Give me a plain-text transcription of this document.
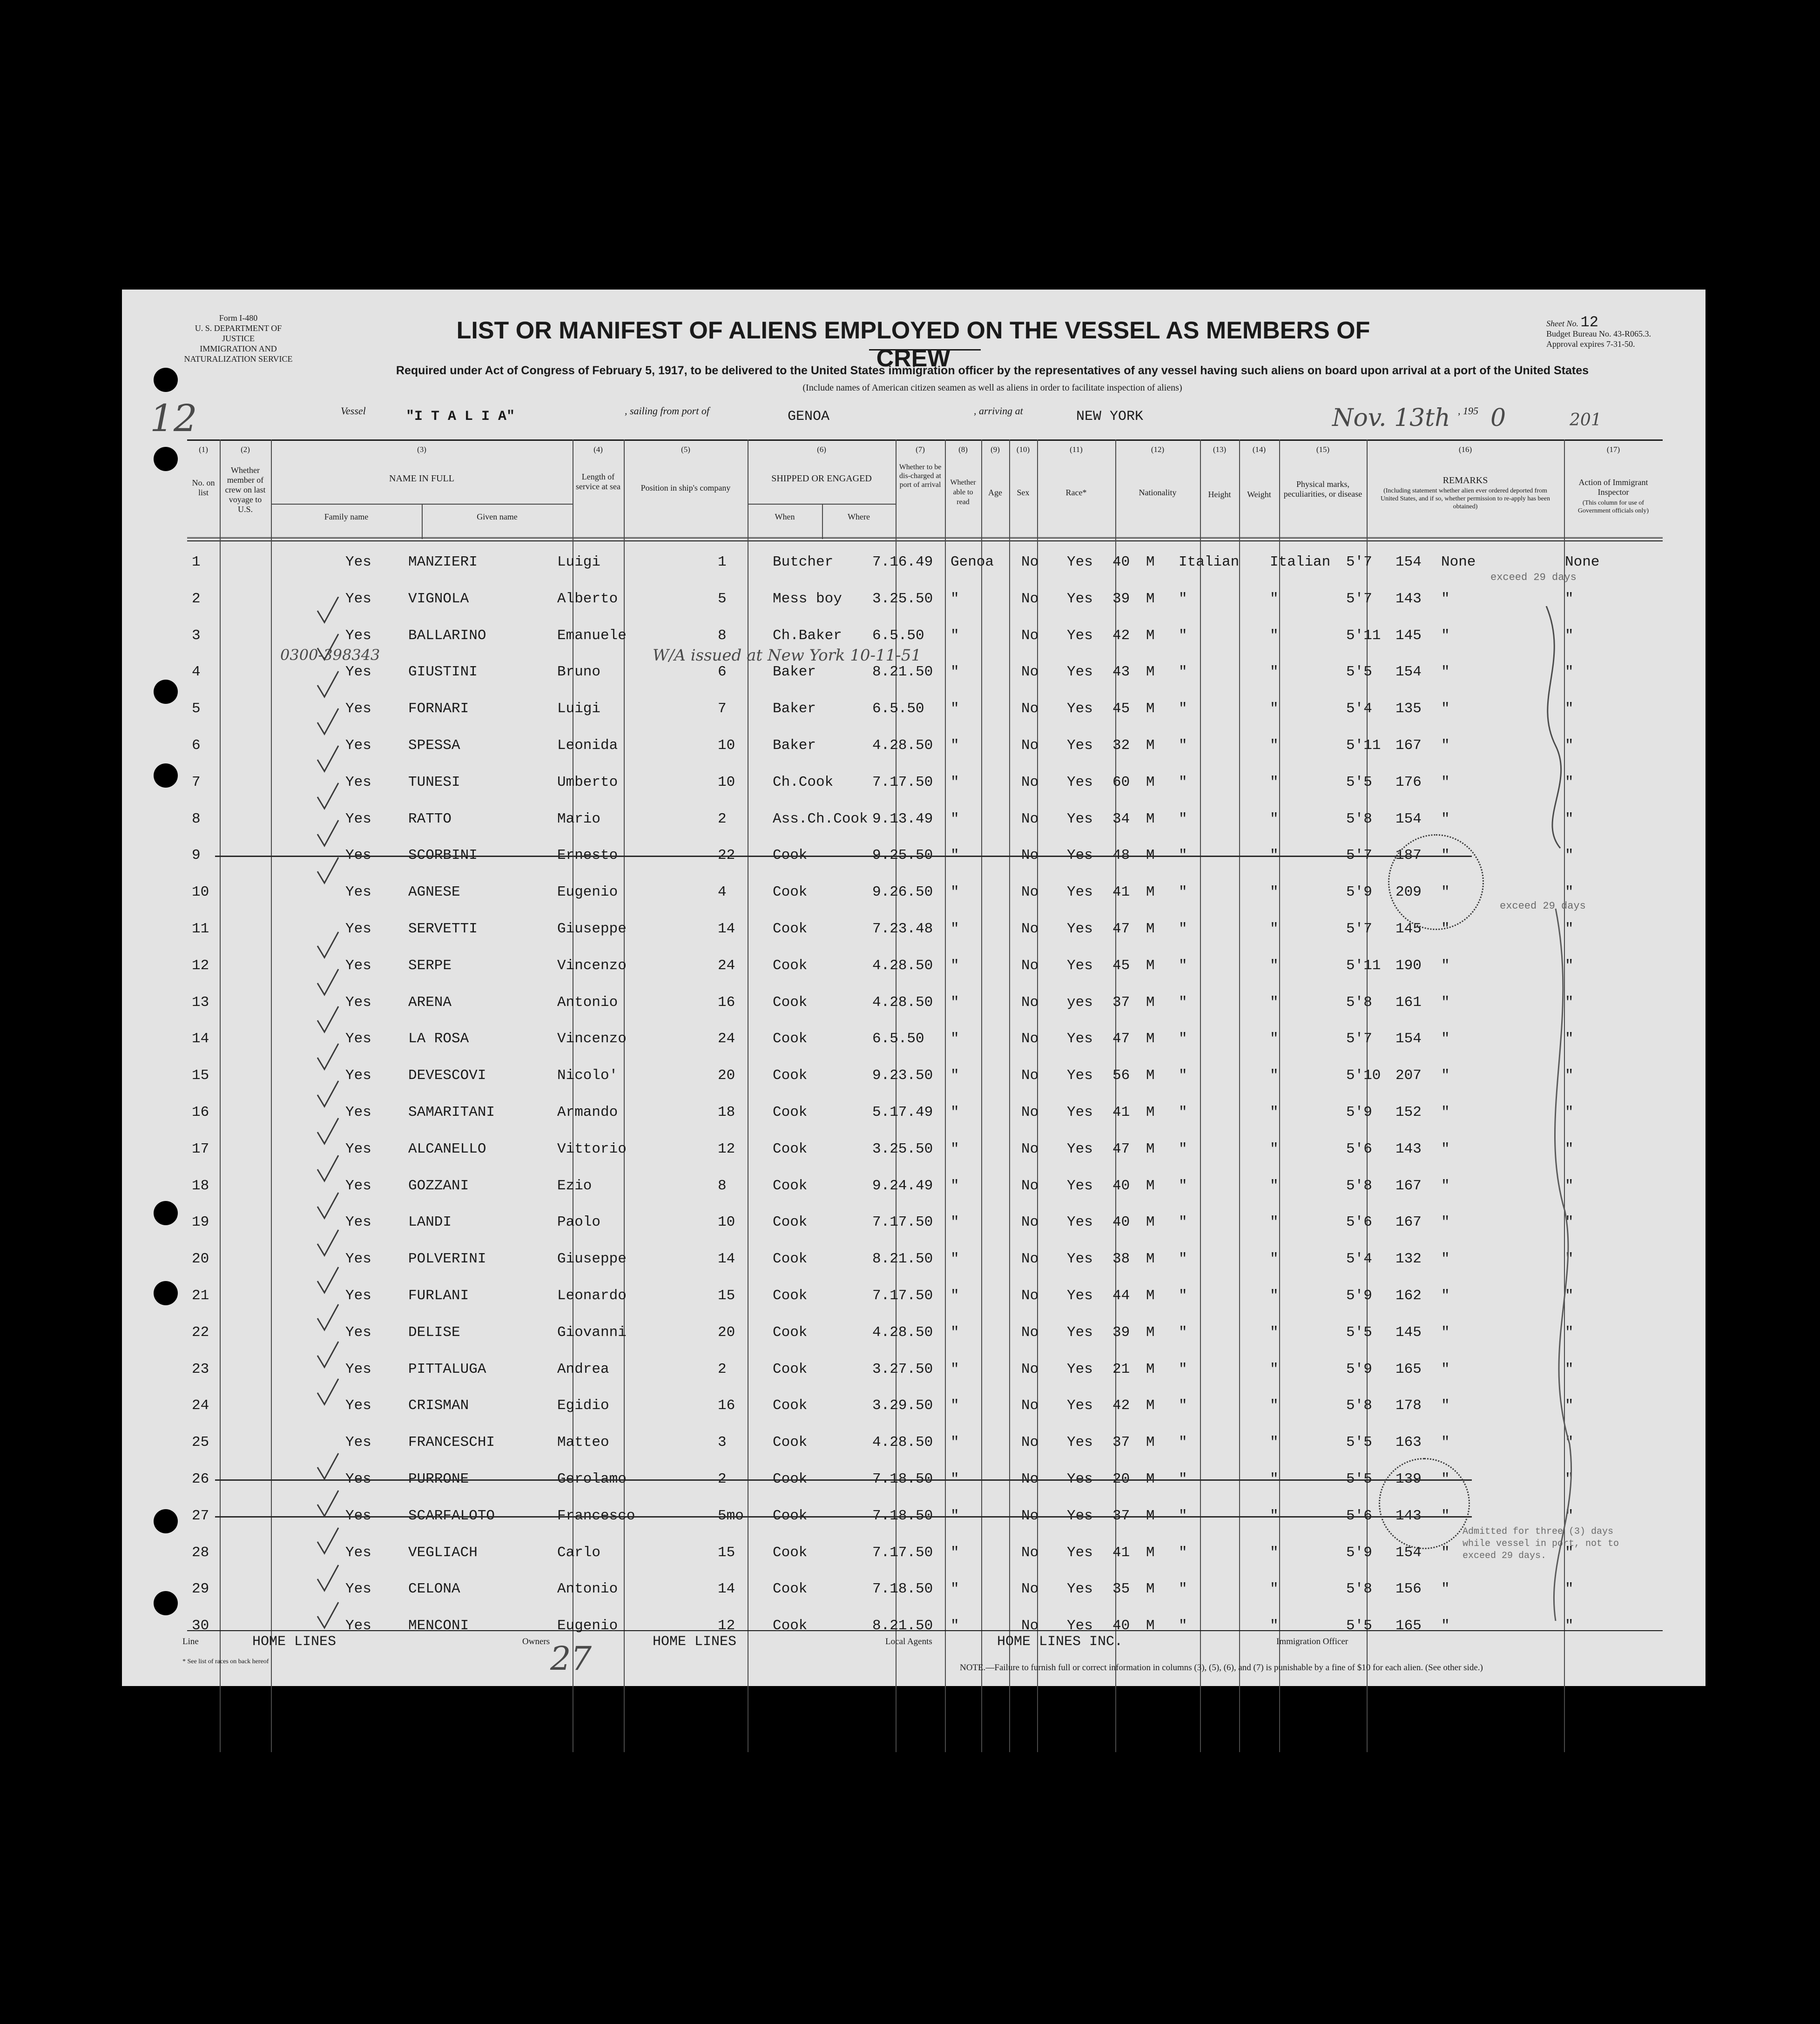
Form I-480
U. S. DEPARTMENT OF JUSTICE
IMMIGRATION AND NATURALIZATION SERVICE
LIST OR MANIFEST OF ALIENS EMPLOYED ON THE VESSEL AS MEMBERS OF CREW
Sheet No. 12
Budget Bureau No. 43-R065.3.
Approval expires 7-31-50.
Required under Act of Congress of February 5, 1917, to be delivered to the United States immigration officer by the representatives of any vessel having such aliens on board upon arrival at a port of the United States
(Include names of American citizen seamen as well as aliens in order to facilitate inspection of aliens)
12	Vessel	"I T A L I A"	, sailing from port of	GENOA	, arriving at	NEW YORK	Nov. 13th , 195 0	201
(1)	(2)	(3)	(4)	(5)	(6)	(7)	(8)	(9)	(10)	(11)	(12)	(13)	(14)	(15)	(16)	(17)
No. on list
Whether member of crew on last voyage to U.S.
NAME IN FULL
Family name	Given name
Length of service at sea	Position in ship's company
SHIPPED OR ENGAGED
When	Where
Whether to be dis-charged at port of arrival	Whether able to read
Age	Sex	Race*	Nationality	Height	Weight
Physical marks, peculiarities, or disease
REMARKS
(Including statement whether alien ever ordered deported from United States, and if so, whether permission to re-apply has been obtained)
Action of Immigrant Inspector
(This column for use of Government officials only)
1	Yes	MANZIERI	Luigi	1	Butcher	7.16.49 Genoa No Yes 40 M Italian Italian 5'7 154 None	None
2	Yes	VIGNOLA	Alberto	5	Mess boy 3.25.50 "	No Yes 39 M "	"	5'7 143 "	"
3	Yes	BALLARINO	Emanuele	8	Ch.Baker 6.5.50 "	No Yes 42 M "	"	5'11 145 "	"
4	Yes	GIUSTINI	Bruno	6	Baker	8.21.50 "	No Yes 43 M "	"	5'5 154 "	"
5	Yes	FORNARI	Luigi	7	Baker	6.5.50 "	No Yes 45 M "	"	5'4 135 "	"
6	Yes	SPESSA	Leonida	10	Baker	4.28.50 "	No Yes 32 M "	"	5'11 167 "	"
7	Yes	TUNESI	Umberto	10	Ch.Cook	7.17.50 "	No Yes 60 M "	"	5'5 176 "	"
8	Yes	RATTO	Mario	2	Ass.Ch.Cook 9.13.49 "	No Yes 34 M "	"	5'8 154 "	"
9	Yes	SCORBINI	Ernesto	22	Cook	9.25.50 "	No Yes 48 M "	"	5'7 187 "	"
10	Yes	AGNESE	Eugenio	4	Cook	9.26.50 "	No Yes 41 M "	"	5'9 209 "	"
11	Yes	SERVETTI	Giuseppe	14	Cook	7.23.48 "	No Yes 47 M "	"	5'7 145 "	"
12	Yes	SERPE	Vincenzo	24	Cook	4.28.50 "	No Yes 45 M "	"	5'11 190 "	"
13	Yes	ARENA	Antonio	16	Cook	4.28.50 "	No yes 37 M "	"	5'8 161 "	"
14	Yes	LA ROSA	Vincenzo	24	Cook	6.5.50 "	No Yes 47 M "	"	5'7 154 "	"
15	Yes	DEVESCOVI	Nicolo'	20	Cook	9.23.50 "	No Yes 56 M "	"	5'10 207 "	"
16	Yes	SAMARITANI	Armando	18	Cook	5.17.49 "	No Yes 41 M "	"	5'9 152 "	"
17	Yes	ALCANELLO	Vittorio	12	Cook	3.25.50 "	No Yes 47 M "	"	5'6 143 "	"
18	Yes	GOZZANI	Ezio	8	Cook	9.24.49 "	No Yes 40 M "	"	5'8 167 "	"
19	Yes	LANDI	Paolo	10	Cook	7.17.50 "	No Yes 40 M "	"	5'6 167 "	"
20	Yes	POLVERINI	Giuseppe	14	Cook	8.21.50 "	No Yes 38 M "	"	5'4 132 "	"
21	Yes	FURLANI	Leonardo	15	Cook	7.17.50 "	No Yes 44 M "	"	5'9 162 "	"
22	Yes	DELISE	Giovanni	20	Cook	4.28.50 "	No Yes 39 M "	"	5'5 145 "	"
23	Yes	PITTALUGA	Andrea	2	Cook	3.27.50 "	No Yes 21 M "	"	5'9 165 "	"
24	Yes	CRISMAN	Egidio	16	Cook	3.29.50 "	No Yes 42 M "	"	5'8 178 "	"
25	Yes	FRANCESCHI	Matteo	3	Cook	4.28.50 "	No Yes 37 M "	"	5'5 163 "	"
26	Yes	PURRONE	Gerolamo	2	Cook	7.18.50 "	No Yes 20 M "	"	5'5 139 "	"
27	Yes	SCARFALOTO	Francesco	5mo Cook	7.18.50 "	No Yes 37 M "	"	5'6 143 "	"
28	Yes	VEGLIACH	Carlo	15	Cook	7.17.50 "	No Yes 41 M "	"	5'9 154 "	"
29	Yes	CELONA	Antonio	14	Cook	7.18.50 "	No Yes 35 M "	"	5'8 156 "	"
30	Yes	MENCONI	Eugenio	12	Cook	8.21.50 "	No Yes 40 M "	"	5'5 165 "	"
0300-398343	W/A issued at New York 10-11-51
exceed 29 days
exceed 29 days
Admitted for three (3) days
while vessel in port, not to
exceed 29 days.
Line	HOME LINES	Owners 27	HOME LINES	Local Agents	HOME LINES INC.	Immigration Officer
* See list of races on back hereof
NOTE.—Failure to furnish full or correct information in columns (3), (5), (6), and (7) is punishable by a fine of $10 for each alien. (See other side.)
